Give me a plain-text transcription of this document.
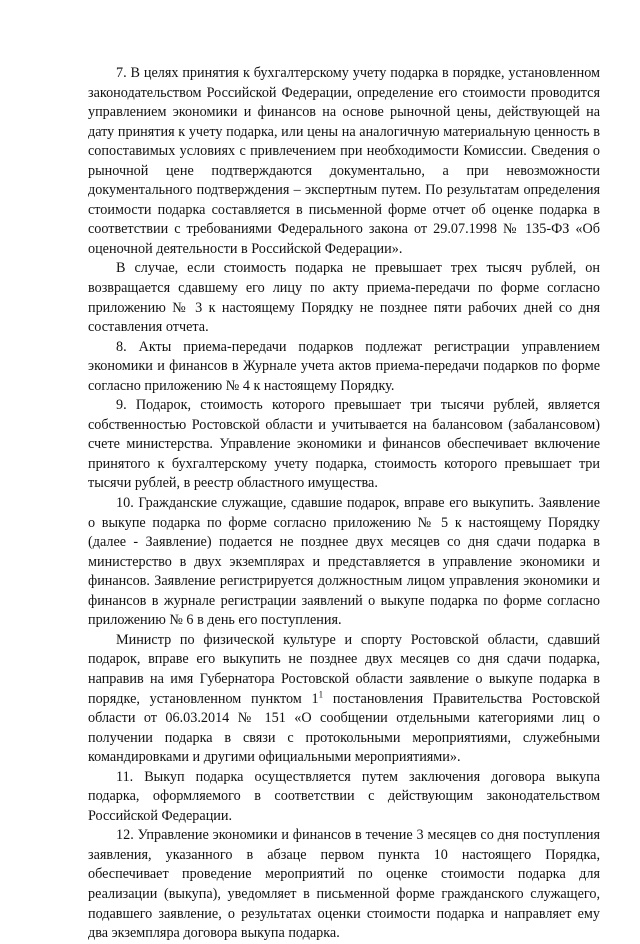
7. В целях принятия к бухгалтерскому учету подарка в порядке, установленном законодательством Российской Федерации, определение его стоимости проводится управлением экономики и финансов на основе рыночной цены, действующей на дату принятия к учету подарка, или цены на аналогичную материальную ценность в сопоставимых условиях с привлечением при необходимости Комиссии. Сведения о рыночной цене подтверждаются документально, а при невозможности документального подтверждения – экспертным путем. По результатам определения стоимости подарка составляется в письменной форме отчет об оценке подарка в соответствии с требованиями Федерального закона от 29.07.1998 № 135-ФЗ «Об оценочной деятельности в Российской Федерации».

В случае, если стоимость подарка не превышает трех тысяч рублей, он возвращается сдавшему его лицу по акту приема-передачи по форме согласно приложению № 3 к настоящему Порядку не позднее пяти рабочих дней со дня составления отчета.

8. Акты приема-передачи подарков подлежат регистрации управлением экономики и финансов в Журнале учета актов приема-передачи подарков по форме согласно приложению № 4 к настоящему Порядку.

9. Подарок, стоимость которого превышает три тысячи рублей, является собственностью Ростовской области и учитывается на балансовом (забалансовом) счете министерства. Управление экономики и финансов обеспечивает включение принятого к бухгалтерскому учету подарка, стоимость которого превышает три тысячи рублей, в реестр областного имущества.

10. Гражданские служащие, сдавшие подарок, вправе его выкупить. Заявление о выкупе подарка по форме согласно приложению № 5 к настоящему Порядку (далее - Заявление) подается не позднее двух месяцев со дня сдачи подарка в министерство в двух экземплярах и представляется в управление экономики и финансов. Заявление регистрируется должностным лицом управления экономики и финансов в журнале регистрации заявлений о выкупе подарка по форме согласно приложению № 6 в день его поступления.

Министр по физической культуре и спорту Ростовской области, сдавший подарок, вправе его выкупить не позднее двух месяцев со дня сдачи подарка, направив на имя Губернатора Ростовской области заявление о выкупе подарка в порядке, установленном пунктом $1^1$ постановления Правительства Ростовской области от 06.03.2014 № 151 «О сообщении отдельными категориями лиц о получении подарка в связи с протокольными мероприятиями, служебными командировками и другими официальными мероприятиями».

11. Выкуп подарка осуществляется путем заключения договора выкупа подарка, оформляемого в соответствии с действующим законодательством Российской Федерации.

12. Управление экономики и финансов в течение 3 месяцев со дня поступления заявления, указанного в абзаце первом пункта 10 настоящего Порядка, обеспечивает проведение мероприятий по оценке стоимости подарка для реализации (выкупа), уведомляет в письменной форме гражданского служащего, подавшего заявление, о результатах оценки стоимости подарка и направляет ему два экземпляра договора выкупа подарка.
